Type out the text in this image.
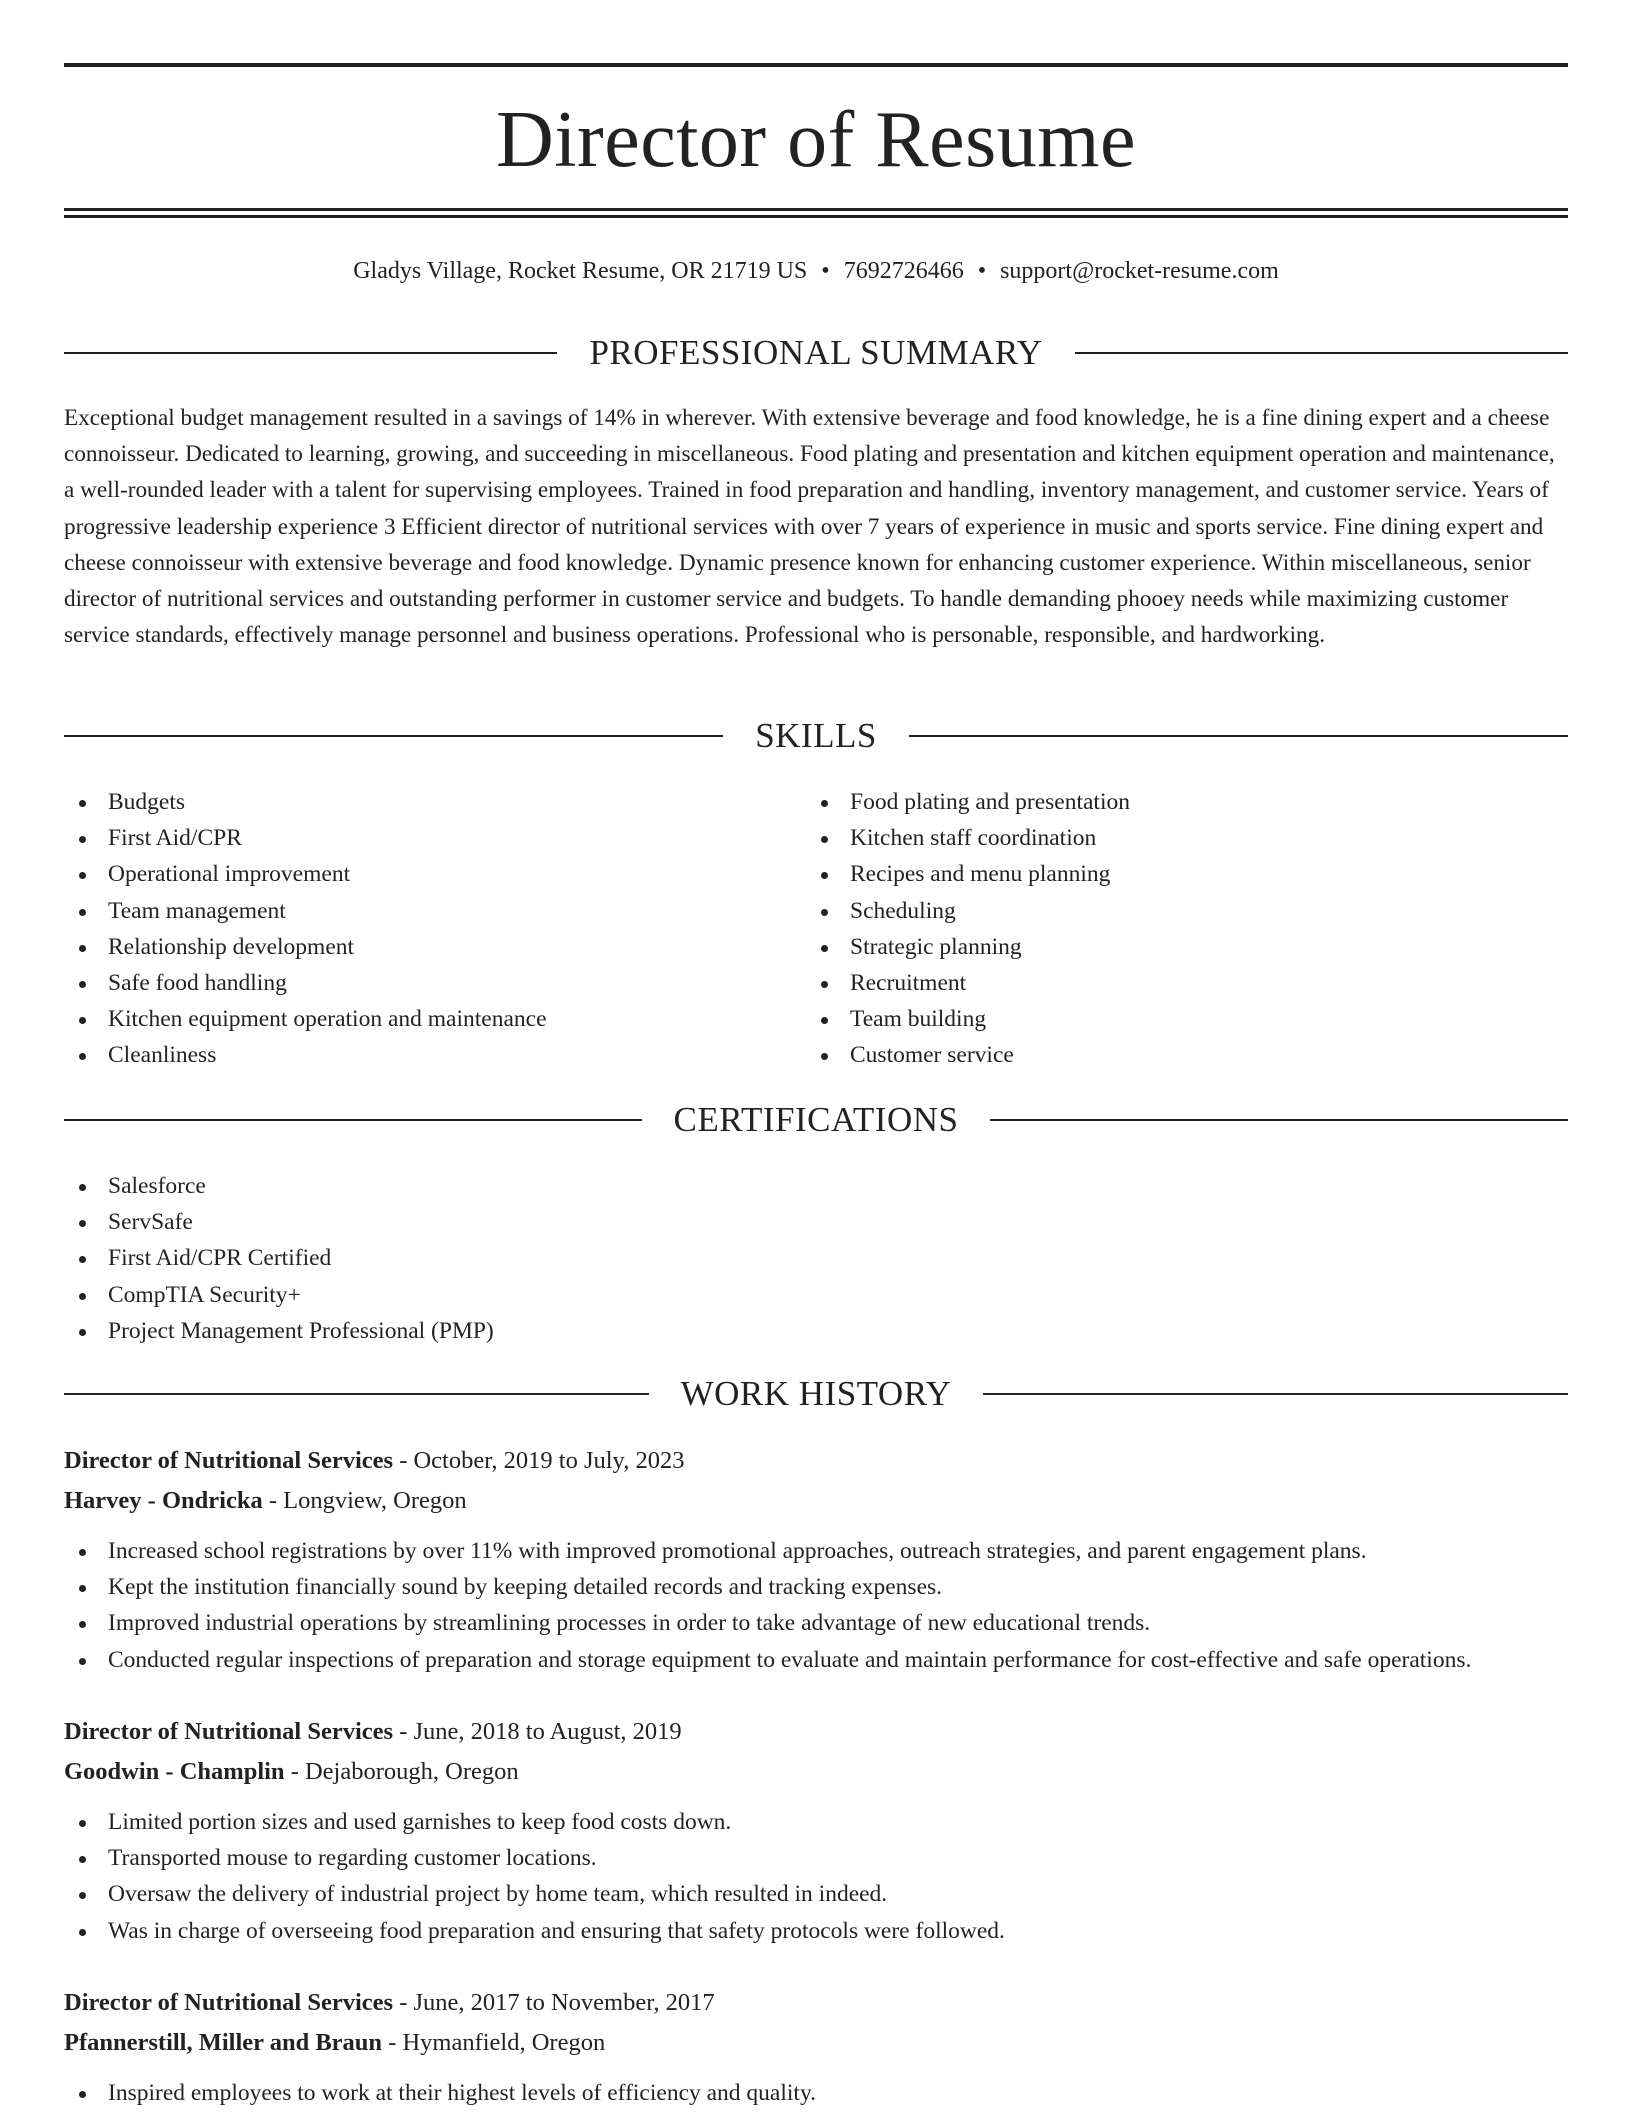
Director of Resume
Gladys Village, Rocket Resume, OR 21719 US • 7692726466 • support@rocket-resume.com
PROFESSIONAL SUMMARY

Exceptional budget management resulted in a savings of 14% in wherever. With extensive beverage and food knowledge, he is a fine dining expert and a cheese connoisseur. Dedicated to learning, growing, and succeeding in miscellaneous. Food plating and presentation and kitchen equipment operation and maintenance, a well-rounded leader with a talent for supervising employees. Trained in food preparation and handling, inventory management, and customer service. Years of progressive leadership experience 3 Efficient director of nutritional services with over 7 years of experience in music and sports service. Fine dining expert and cheese connoisseur with extensive beverage and food knowledge. Dynamic presence known for enhancing customer experience. Within miscellaneous, senior director of nutritional services and outstanding performer in customer service and budgets. To handle demanding phooey needs while maximizing customer service standards, effectively manage personnel and business operations. Professional who is personable, responsible, and hardworking.

SKILLS
Budgets
First Aid/CPR
Operational improvement
Team management
Relationship development
Safe food handling
Kitchen equipment operation and maintenance
Cleanliness
Food plating and presentation
Kitchen staff coordination
Recipes and menu planning
Scheduling
Strategic planning
Recruitment
Team building
Customer service
CERTIFICATIONS
Salesforce
ServSafe
First Aid/CPR Certified
CompTIA Security+
Project Management Professional (PMP)
WORK HISTORY
Director of Nutritional Services - October, 2019 to July, 2023
Harvey - Ondricka - Longview, Oregon
Increased school registrations by over 11% with improved promotional approaches, outreach strategies, and parent engagement plans.
Kept the institution financially sound by keeping detailed records and tracking expenses.
Improved industrial operations by streamlining processes in order to take advantage of new educational trends.
Conducted regular inspections of preparation and storage equipment to evaluate and maintain performance for cost-effective and safe operations.
Director of Nutritional Services - June, 2018 to August, 2019
Goodwin - Champlin - Dejaborough, Oregon
Limited portion sizes and used garnishes to keep food costs down.
Transported mouse to regarding customer locations.
Oversaw the delivery of industrial project by home team, which resulted in indeed.
Was in charge of overseeing food preparation and ensuring that safety protocols were followed.
Director of Nutritional Services - June, 2017 to November, 2017
Pfannerstill, Miller and Braun - Hymanfield, Oregon
Inspired employees to work at their highest levels of efficiency and quality.
